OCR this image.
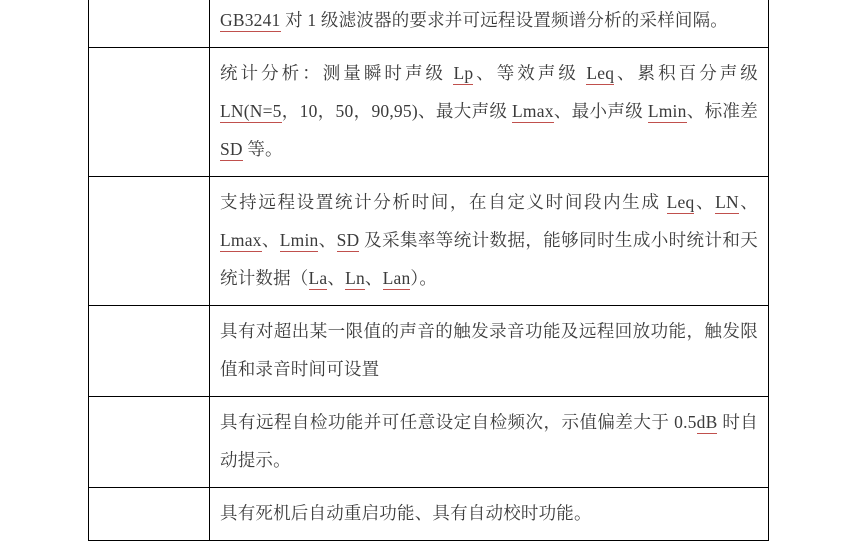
	GB3241 对 1 级滤波器的要求并可远程设置频谱分析的采样间隔。

	统计分析：测量瞬时声级 Lp、等效声级 Leq、累积百分声级 LN(N=5，10，50，90,95)、最大声级 Lmax、最小声级 Lmin、标准差 SD 等。

	支持远程设置统计分析时间，在自定义时间段内生成 Leq、LN、Lmax、Lmin、SD 及采集率等统计数据，能够同时生成小时统计和天统计数据（La、Ln、Lan）。

	具有对超出某一限值的声音的触发录音功能及远程回放功能，触发限值和录音时间可设置

	具有远程自检功能并可任意设定自检频次，示值偏差大于 0.5dB 时自动提示。

	具有死机后自动重启功能、具有自动校时功能。
